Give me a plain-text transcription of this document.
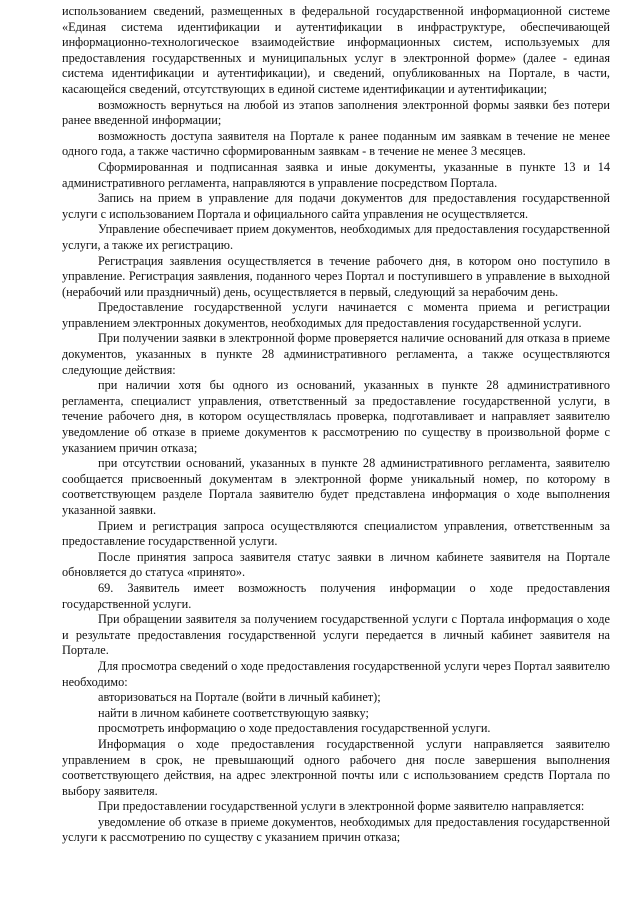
использованием сведений, размещенных в федеральной государственной информационной системе «Единая система идентификации и аутентификации в инфраструктуре, обеспечивающей информационно-технологическое взаимодействие информационных систем, используемых для предоставления государственных и муниципальных услуг в электронной форме» (далее - единая система идентификации и аутентификации), и сведений, опубликованных на Портале, в части, касающейся сведений, отсутствующих в единой системе идентификации и аутентификации;

возможность вернуться на любой из этапов заполнения электронной формы заявки без потери ранее введенной информации;

возможность доступа заявителя на Портале к ранее поданным им заявкам в течение не менее одного года, а также частично сформированным заявкам - в течение не менее 3 месяцев.

Сформированная и подписанная заявка и иные документы, указанные в пункте 13 и 14 административного регламента, направляются в управление посредством Портала.

Запись на прием в управление для подачи документов для предоставления государственной услуги с использованием Портала и официального сайта управления не осуществляется.

Управление обеспечивает прием документов, необходимых для предоставления государственной услуги, а также их регистрацию.

Регистрация заявления осуществляется в течение рабочего дня, в котором оно поступило в управление. Регистрация заявления, поданного через Портал и поступившего в управление в выходной (нерабочий или праздничный) день, осуществляется в первый, следующий за нерабочим день.

Предоставление государственной услуги начинается с момента приема и регистрации управлением электронных документов, необходимых для предоставления государственной услуги.

При получении заявки в электронной форме проверяется наличие оснований для отказа в приеме документов, указанных в пункте 28 административного регламента, а также осуществляются следующие действия:

при наличии хотя бы одного из оснований, указанных в пункте 28 административного регламента, специалист управления, ответственный за предоставление государственной услуги, в течение рабочего дня, в котором осуществлялась проверка, подготавливает и направляет заявителю уведомление об отказе в приеме документов к рассмотрению по существу в произвольной форме с указанием причин отказа;

при отсутствии оснований, указанных в пункте 28 административного регламента, заявителю сообщается присвоенный документам в электронной форме уникальный номер, по которому в соответствующем разделе Портала заявителю будет представлена информация о ходе выполнения указанной заявки.

Прием и регистрация запроса осуществляются специалистом управления, ответственным за предоставление государственной услуги.

После принятия запроса заявителя статус заявки в личном кабинете заявителя на Портале обновляется до статуса «принято».

69. Заявитель имеет возможность получения информации о ходе предоставления государственной услуги.

При обращении заявителя за получением государственной услуги с Портала информация о ходе и результате предоставления государственной услуги передается в личный кабинет заявителя на Портале.

Для просмотра сведений о ходе предоставления государственной услуги через Портал заявителю необходимо:

авторизоваться на Портале (войти в личный кабинет);

найти в личном кабинете соответствующую заявку;

просмотреть информацию о ходе предоставления государственной услуги.

Информация о ходе предоставления государственной услуги направляется заявителю управлением в срок, не превышающий одного рабочего дня после завершения выполнения соответствующего действия, на адрес электронной почты или с использованием средств Портала по выбору заявителя.

При предоставлении государственной услуги в электронной форме заявителю направляется:

уведомление об отказе в приеме документов, необходимых для предоставления государственной услуги к рассмотрению по существу с указанием причин отказа;
